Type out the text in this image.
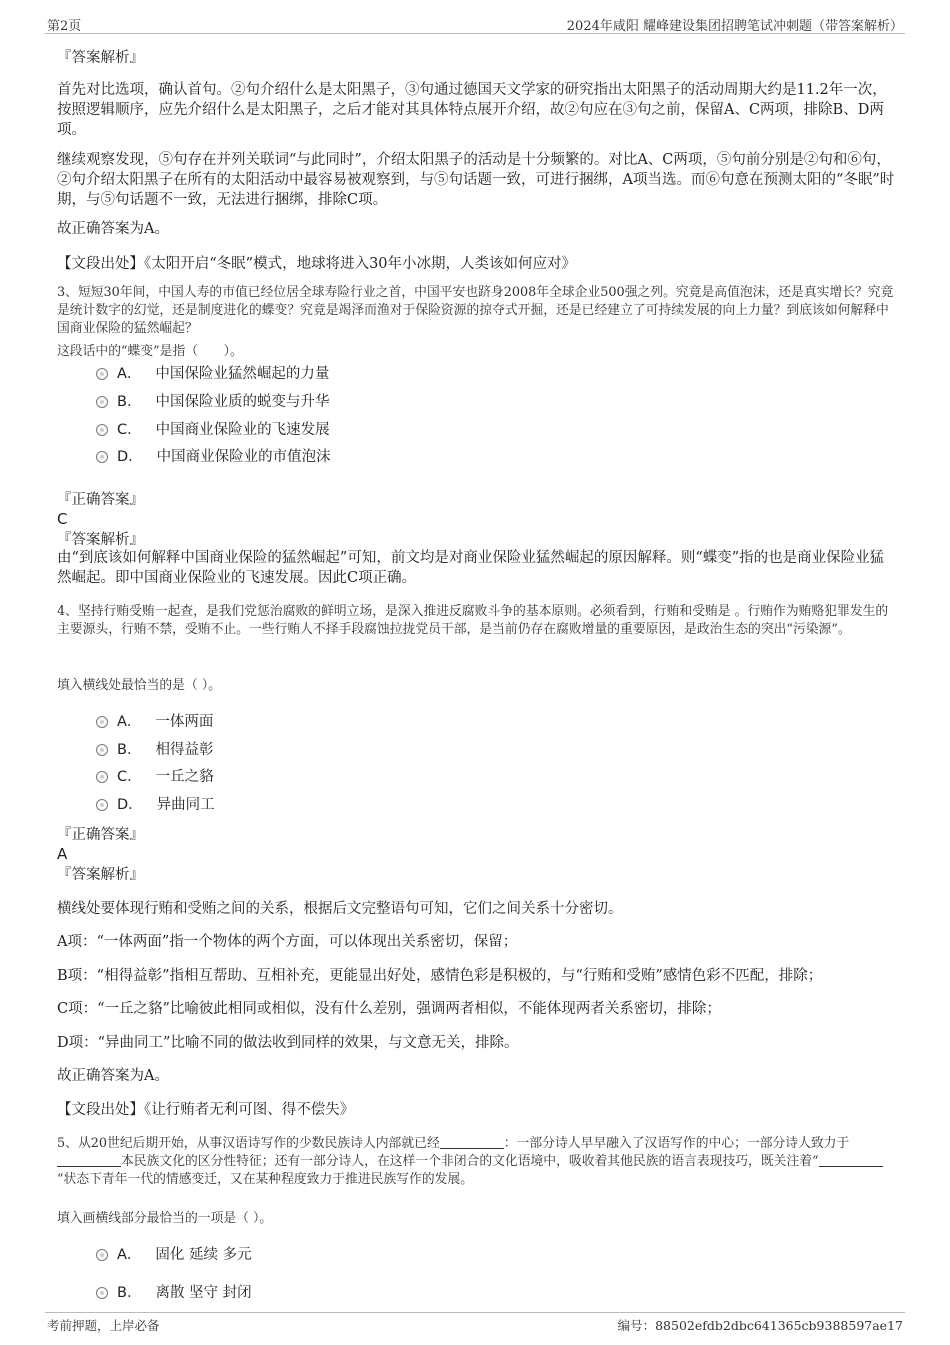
第2页	2024年咸阳 耀峰建设集团招聘笔试冲刺题（带答案解析）
『答案解析』
首先对比选项，确认首句。②句介绍什么是太阳黑子，③句通过德国天文学家的研究指出太阳黑子的活动周期大约是11.2年一次，按照逻辑顺序，应先介绍什么是太阳黑子，之后才能对其具体特点展开介绍，故②句应在③句之前，保留A、C两项，排除B、D两项。
继续观察发现，⑤句存在并列关联词“与此同时”，介绍太阳黑子的活动是十分频繁的。对比A、C两项，⑤句前分别是②句和⑥句，②句介绍太阳黑子在所有的太阳活动中最容易被观察到，与⑤句话题一致，可进行捆绑，A项当选。而⑥句意在预测太阳的“冬眠”时期，与⑤句话题不一致，无法进行捆绑，排除C项。
故正确答案为A。
【文段出处】《太阳开启“冬眠”模式，地球将进入30年小冰期，人类该如何应对》
3、短短30年间，中国人寿的市值已经位居全球寿险行业之首，中国平安也跻身2008年全球企业500强之列。究竟是高值泡沫，还是真实增长？究竟是统计数字的幻觉，还是制度进化的蝶变？究竟是竭泽而渔对于保险资源的掠夺式开掘，还是已经建立了可持续发展的向上力量？到底该如何解释中国商业保险的猛然崛起？
这段话中的“蝶变”是指（　　）。
A． 中国保险业猛然崛起的力量
B． 中国保险业质的蜕变与升华
C． 中国商业保险业的飞速发展
D． 中国商业保险业的市值泡沫
『正确答案』
C
『答案解析』
由“到底该如何解释中国商业保险的猛然崛起”可知，前文均是对商业保险业猛然崛起的原因解释。则“蝶变”指的也是商业保险业猛然崛起。即中国商业保险业的飞速发展。因此C项正确。
4、坚持行贿受贿一起查，是我们党惩治腐败的鲜明立场，是深入推进反腐败斗争的基本原则。必须看到，行贿和受贿是 。行贿作为贿赂犯罪发生的主要源头，行贿不禁，受贿不止。一些行贿人不择手段腐蚀拉拢党员干部，是当前仍存在腐败增量的重要原因，是政治生态的突出“污染源”。
填入横线处最恰当的是（ ）。
A． 一体两面
B． 相得益彰
C． 一丘之貉
D． 异曲同工
『正确答案』
A
『答案解析』
横线处要体现行贿和受贿之间的关系，根据后文完整语句可知，它们之间关系十分密切。
A项：“一体两面”指一个物体的两个方面，可以体现出关系密切，保留；
B项：“相得益彰”指相互帮助、互相补充，更能显出好处，感情色彩是积极的，与“行贿和受贿”感情色彩不匹配，排除；
C项：“一丘之貉”比喻彼此相同或相似，没有什么差别，强调两者相似，不能体现两者关系密切，排除；
D项：“异曲同工”比喻不同的做法收到同样的效果，与文意无关，排除。
故正确答案为A。
【文段出处】《让行贿者无利可图、得不偿失》
5、从20世纪后期开始，从事汉语诗写作的少数民族诗人内部就已经	：一部分诗人早早融入了汉语写作的中心；一部分诗人致力于本民族文化的区分性特征；还有一部分诗人，在这样一个非闭合的文化语境中，吸收着其他民族的语言表现技巧，既关注着“”状态下青年一代的情感变迁，又在某种程度致力于推进民族写作的发展。
填入画横线部分最恰当的一项是（ ）。
A． 固化 延续 多元
B． 离散 坚守 封闭
考前押题，上岸必备	编号：88502efdb2dbc641365cb9388597ae17
